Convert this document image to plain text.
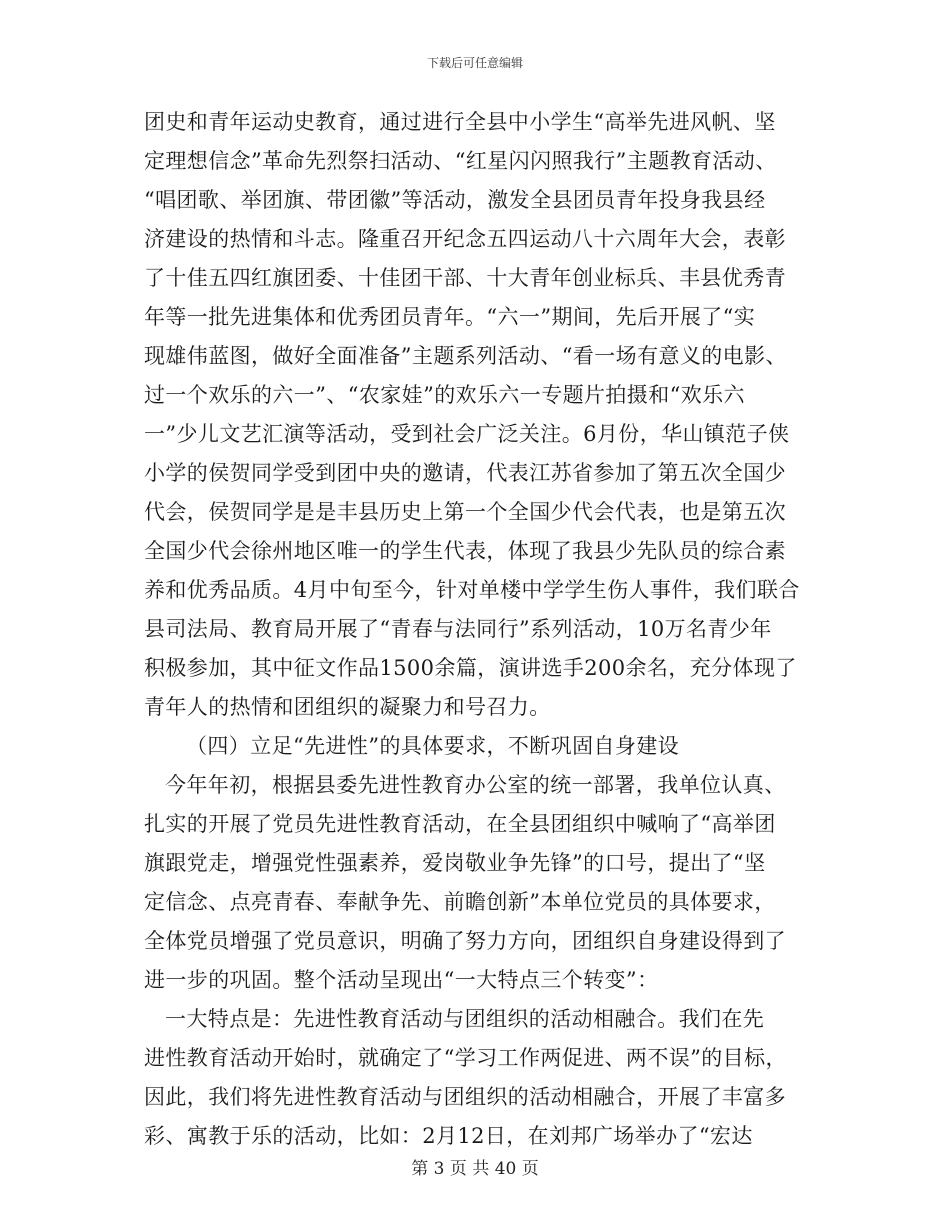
下载后可任意编辑
团史和青年运动史教育，通过进行全县中小学生“高举先进风帆、坚
定理想信念”革命先烈祭扫活动、“红星闪闪照我行”主题教育活动、
“唱团歌、举团旗、带团徽”等活动，激发全县团员青年投身我县经
济建设的热情和斗志。隆重召开纪念五四运动八十六周年大会，表彰
了十佳五四红旗团委、十佳团干部、十大青年创业标兵、丰县优秀青
年等一批先进集体和优秀团员青年。“六一”期间，先后开展了“实
现雄伟蓝图，做好全面准备”主题系列活动、“看一场有意义的电影、
过一个欢乐的六一”、“农家娃”的欢乐六一专题片拍摄和“欢乐六
一”少儿文艺汇演等活动，受到社会广泛关注。6月份，华山镇范子侠
小学的侯贺同学受到团中央的邀请，代表江苏省参加了第五次全国少
代会，侯贺同学是是丰县历史上第一个全国少代会代表，也是第五次
全国少代会徐州地区唯一的学生代表，体现了我县少先队员的综合素
养和优秀品质。4月中旬至今，针对单楼中学学生伤人事件，我们联合
县司法局、教育局开展了“青春与法同行”系列活动，10万名青少年
积极参加，其中征文作品1500余篇，演讲选手200余名，充分体现了
青年人的热情和团组织的凝聚力和号召力。
（四）立足“先进性”的具体要求，不断巩固自身建设
今年年初，根据县委先进性教育办公室的统一部署，我单位认真、
扎实的开展了党员先进性教育活动，在全县团组织中喊响了“高举团
旗跟党走，增强党性强素养，爱岗敬业争先锋”的口号，提出了“坚
定信念、点亮青春、奉献争先、前瞻创新”本单位党员的具体要求，
全体党员增强了党员意识，明确了努力方向，团组织自身建设得到了
进一步的巩固。整个活动呈现出“一大特点三个转变”：
一大特点是：先进性教育活动与团组织的活动相融合。我们在先
进性教育活动开始时，就确定了“学习工作两促进、两不误”的目标，
因此，我们将先进性教育活动与团组织的活动相融合，开展了丰富多
彩、寓教于乐的活动，比如：2月12日，在刘邦广场举办了“宏达
第 3 页 共 40 页
